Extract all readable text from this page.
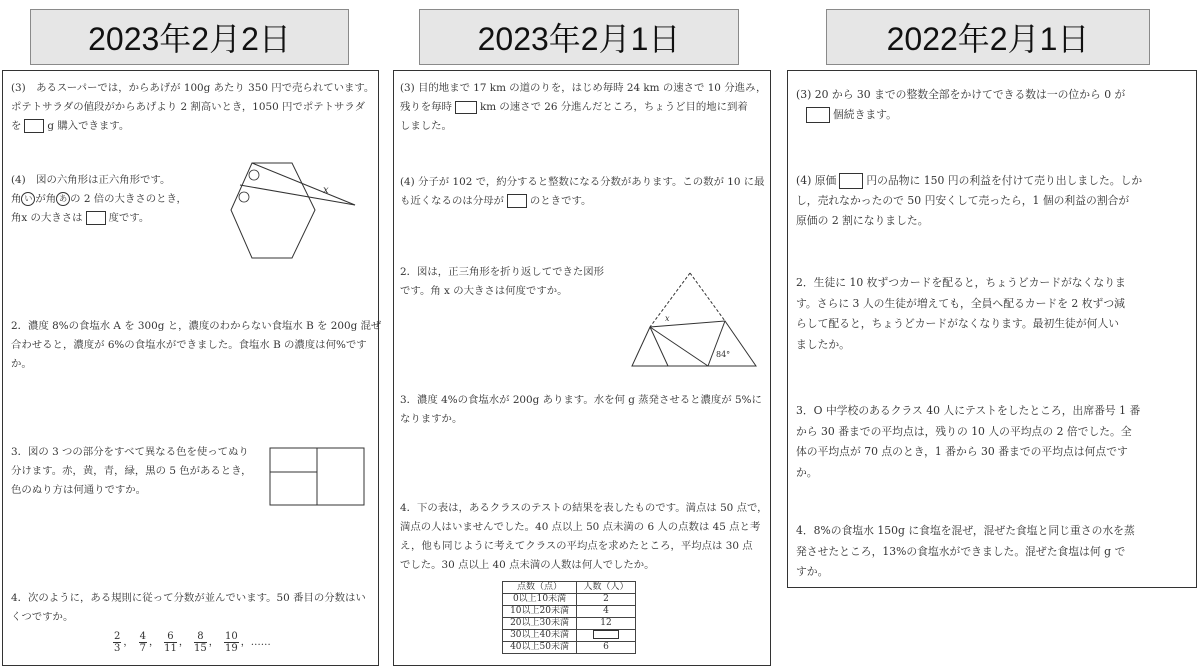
2023年2月2日	2023年2月1日	2022年2月1日
(3)　あるスーパーでは，からあげが 100g あたり 350 円で売られています。
ポテトサラダの値段がからあげより 2 割高いとき，1050 円でポテトサラダ
を	g 購入できます。
(4)　図の六角形は正六角形です。
角 い が角 あ の 2 倍の大きさのとき，
角x の大きさは	度です。
x
2．濃度 8%の食塩水 A を 300g と，濃度のわからない食塩水 B を 200g 混ぜ
合わせると，濃度が 6%の食塩水ができました。食塩水 B の濃度は何%です
か。
3．図の 3 つの部分をすべて異なる色を使ってぬり
分けます。赤，黄，青，緑，黒の 5 色があるとき，
色のぬり方は何通りですか。
4．次のように，ある規則に従って分数が並んでいます。50 番目の分数はい
くつですか。
$\frac{2}{3}$ ， $\frac{4}{7}$ ， $\frac{6}{11}$ ， $\frac{8}{15}$ ， $\frac{10}{19}$ ，……
(3) 目的地まで 17 km の道のりを，はじめ毎時 24 km の速さで 10 分進み，
残りを毎時	km の速さで 26 分進んだところ，ちょうど目的地に到着
しました。
(4) 分子が 102 で，約分すると整数になる分数があります。この数が 10 に最
も近くなるのは分母が	のときです。
2．図は，正三角形を折り返してできた図形
です。角 x の大きさは何度ですか。
x
84°
3．濃度 4%の食塩水が 200g あります。水を何 g 蒸発させると濃度が 5%に
なりますか。
4．下の表は，あるクラスのテストの結果を表したものです。満点は 50 点で，
満点の人はいませんでした。40 点以上 50 点未満の 6 人の点数は 45 点と考
え，他も同じように考えてクラスの平均点を求めたところ，平均点は 30 点
でした。30 点以上 40 点未満の人数は何人でしたか。
点数（点）	人数（人）
0以上10未満	2
10以上20未満	4
20以上30未満	12
30以上40未満	
40以上50未満	6
(3) 20 から 30 までの整数全部をかけてできる数は一の位から 0 が
個続きます。
(4) 原価	円の品物に 150 円の利益を付けて売り出しました。しか
し，売れなかったので 50 円安くして売ったら，1 個の利益の割合が
原価の 2 割になりました。
2．生徒に 10 枚ずつカードを配ると，ちょうどカードがなくなりま
す。さらに 3 人の生徒が増えても，全員へ配るカードを 2 枚ずつ減
らして配ると，ちょうどカードがなくなります。最初生徒が何人い
ましたか。
3．O 中学校のあるクラス 40 人にテストをしたところ，出席番号 1 番
から 30 番までの平均点は，残りの 10 人の平均点の 2 倍でした。全
体の平均点が 70 点のとき，1 番から 30 番までの平均点は何点です
か。
4．8%の食塩水 150g に食塩を混ぜ，混ぜた食塩と同じ重さの水を蒸
発させたところ，13%の食塩水ができました。混ぜた食塩は何 g で
すか。
